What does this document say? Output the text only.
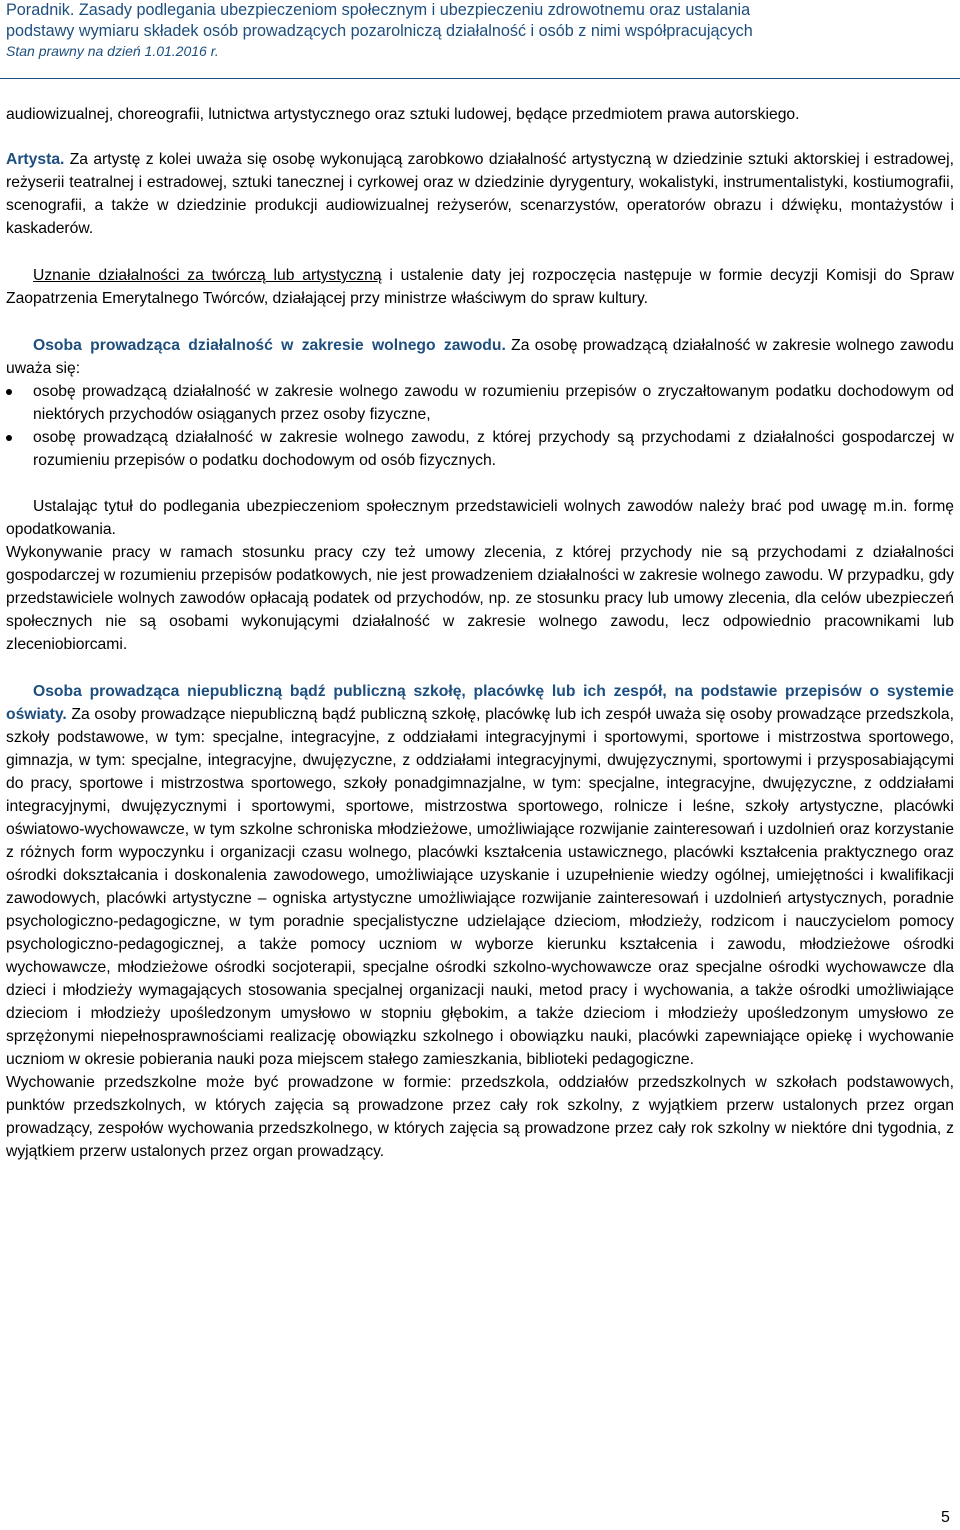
Poradnik. Zasady podlegania ubezpieczeniom społecznym i ubezpieczeniu zdrowotnemu oraz ustalania
podstawy wymiaru składek osób prowadzących pozarolniczą działalność i osób z nimi współpracujących
Stan prawny na dzień 1.01.2016 r.

audiowizualnej, choreografii, lutnictwa artystycznego oraz sztuki ludowej, będące przedmiotem prawa autorskiego.

Artysta. Za artystę z kolei uważa się osobę wykonującą zarobkowo działalność artystyczną w dziedzinie sztuki aktorskiej i estradowej, reżyserii teatralnej i estradowej, sztuki tanecznej i cyrkowej oraz w dziedzinie dyrygentury, wokalistyki, instrumentalistyki, kostiumografii, scenografii, a także w dziedzinie produkcji audiowizualnej reżyserów, scenarzystów, operatorów obrazu i dźwięku, montażystów i kaskaderów.

Uznanie działalności za twórczą lub artystyczną i ustalenie daty jej rozpoczęcia następuje w formie decyzji Komisji do Spraw Zaopatrzenia Emerytalnego Twórców, działającej przy ministrze właściwym do spraw kultury.

Osoba prowadząca działalność w zakresie wolnego zawodu. Za osobę prowadzącą działalność w zakresie wolnego zawodu uważa się:

osobę prowadzącą działalność w zakresie wolnego zawodu w rozumieniu przepisów o zryczałtowanym podatku dochodowym od niektórych przychodów osiąganych przez osoby fizyczne,
osobę prowadzącą działalność w zakresie wolnego zawodu, z której przychody są przychodami z działalności gospodarczej w rozumieniu przepisów o podatku dochodowym od osób fizycznych.

Ustalając tytuł do podlegania ubezpieczeniom społecznym przedstawicieli wolnych zawodów należy brać pod uwagę m.in. formę opodatkowania.

Wykonywanie pracy w ramach stosunku pracy czy też umowy zlecenia, z której przychody nie są przychodami z działalności gospodarczej w rozumieniu przepisów podatkowych, nie jest prowadzeniem działalności w zakresie wolnego zawodu. W przypadku, gdy przedstawiciele wolnych zawodów opłacają podatek od przychodów, np. ze stosunku pracy lub umowy zlecenia, dla celów ubezpieczeń społecznych nie są osobami wykonującymi działalność w zakresie wolnego zawodu, lecz odpowiednio pracownikami lub zleceniobiorcami.

Osoba prowadząca niepubliczną bądź publiczną szkołę, placówkę lub ich zespół, na podstawie przepisów o systemie oświaty. Za osoby prowadzące niepubliczną bądź publiczną szkołę, placówkę lub ich zespół uważa się osoby prowadzące przedszkola, szkoły podstawowe, w tym: specjalne, integracyjne, z oddziałami integracyjnymi i sportowymi, sportowe i mistrzostwa sportowego, gimnazja, w tym: specjalne, integracyjne, dwujęzyczne, z oddziałami integracyjnymi, dwujęzycznymi, sportowymi i przysposabiającymi do pracy, sportowe i mistrzostwa sportowego, szkoły ponadgimnazjalne, w tym: specjalne, integracyjne, dwujęzyczne, z oddziałami integracyjnymi, dwujęzycznymi i sportowymi, sportowe, mistrzostwa sportowego, rolnicze i leśne, szkoły artystyczne, placówki oświatowo-wychowawcze, w tym szkolne schroniska młodzieżowe, umożliwiające rozwijanie zainteresowań i uzdolnień oraz korzystanie z różnych form wypoczynku i organizacji czasu wolnego, placówki kształcenia ustawicznego, placówki kształcenia praktycznego oraz ośrodki dokształcania i doskonalenia zawodowego, umożliwiające uzyskanie i uzupełnienie wiedzy ogólnej, umiejętności i kwalifikacji zawodowych, placówki artystyczne – ogniska artystyczne umożliwiające rozwijanie zainteresowań i uzdolnień artystycznych, poradnie psychologiczno-pedagogiczne, w tym poradnie specjalistyczne udzielające dzieciom, młodzieży, rodzicom i nauczycielom pomocy psychologiczno-pedagogicznej, a także pomocy uczniom w wyborze kierunku kształcenia i zawodu, młodzieżowe ośrodki wychowawcze, młodzieżowe ośrodki socjoterapii, specjalne ośrodki szkolno-wychowawcze oraz specjalne ośrodki wychowawcze dla dzieci i młodzieży wymagających stosowania specjalnej organizacji nauki, metod pracy i wychowania, a także ośrodki umożliwiające dzieciom i młodzieży upośledzonym umysłowo w stopniu głębokim, a także dzieciom i młodzieży upośledzonym umysłowo ze sprzężonymi niepełnosprawnościami realizację obowiązku szkolnego i obowiązku nauki, placówki zapewniające opiekę i wychowanie uczniom w okresie pobierania nauki poza miejscem stałego zamieszkania, biblioteki pedagogiczne.

Wychowanie przedszkolne może być prowadzone w formie: przedszkola, oddziałów przedszkolnych w szkołach podstawowych, punktów przedszkolnych, w których zajęcia są prowadzone przez cały rok szkolny, z wyjątkiem przerw ustalonych przez organ prowadzący, zespołów wychowania przedszkolnego, w których zajęcia są prowadzone przez cały rok szkolny w niektóre dni tygodnia, z wyjątkiem przerw ustalonych przez organ prowadzący.

5
